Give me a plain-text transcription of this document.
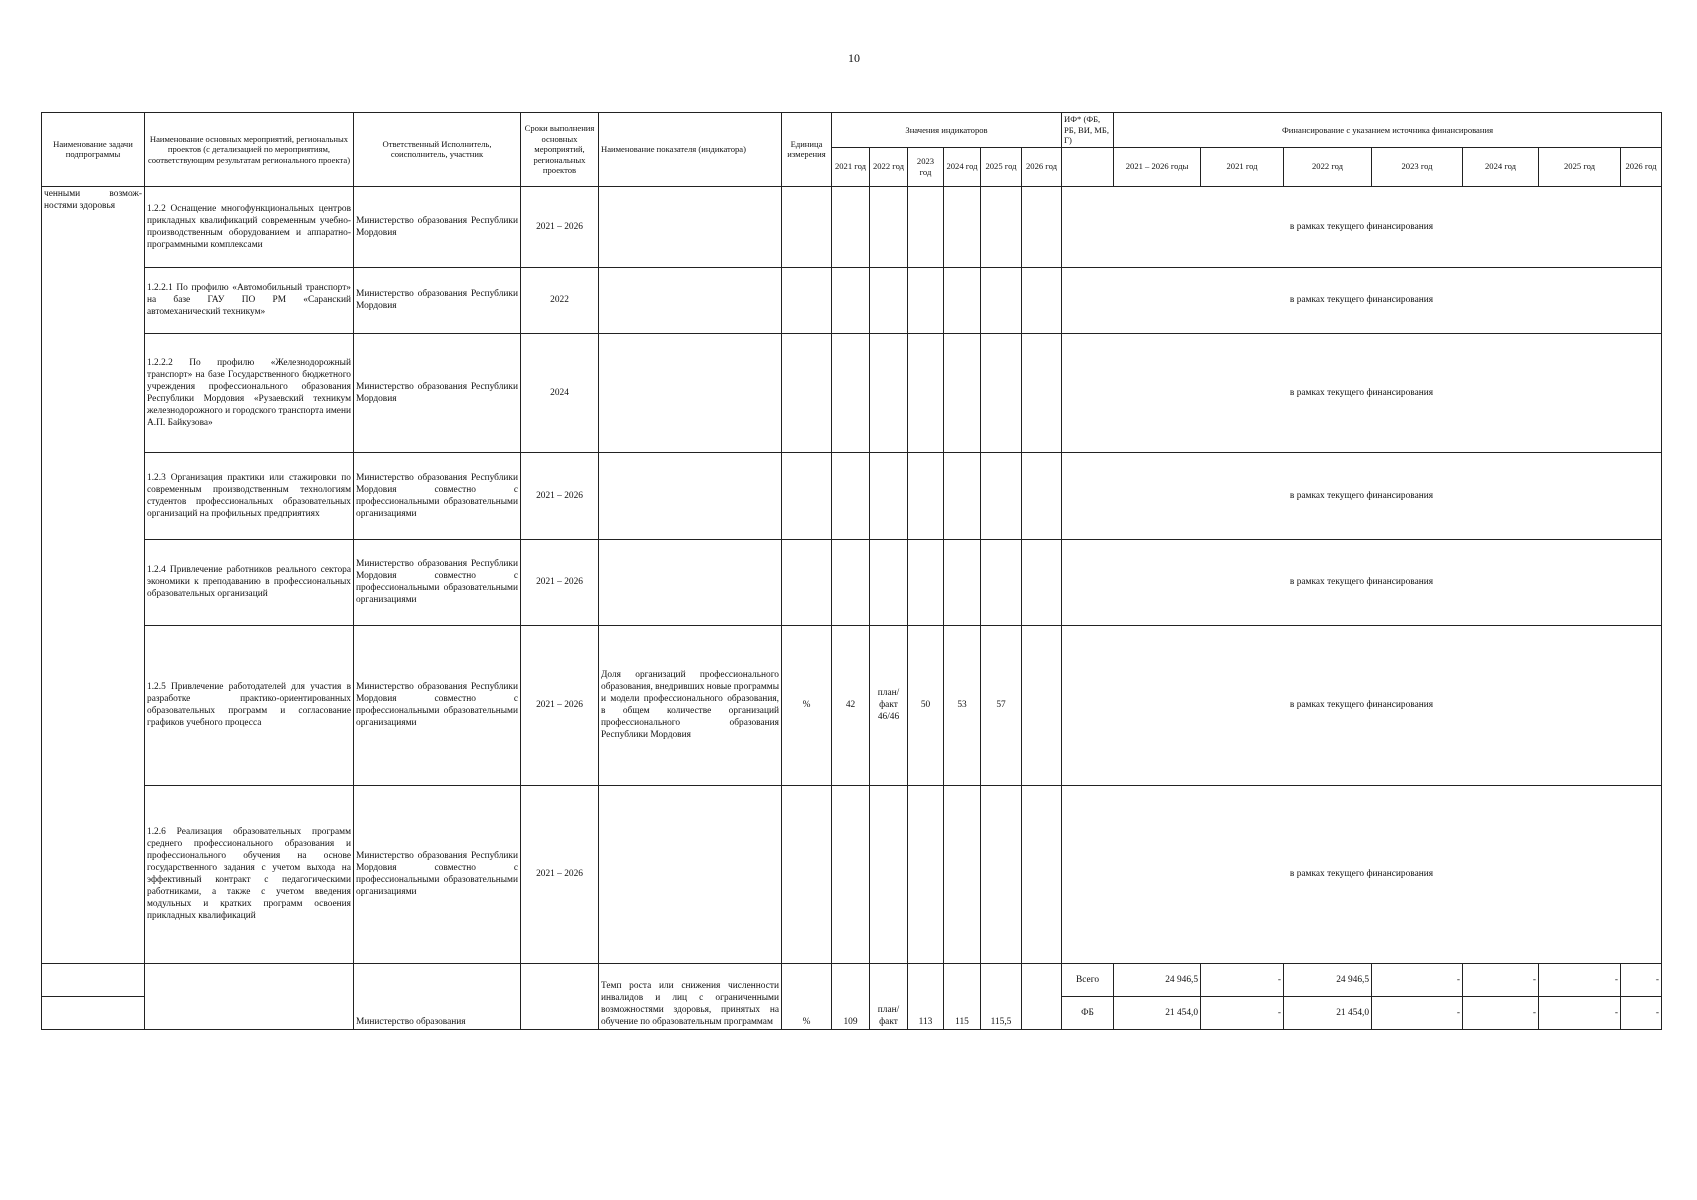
10
Наименование задачи подпрограммы	Наименование основных мероприятий, региональных проектов (с детализацией по мероприятиям, соответствующим результатам регионального проекта)	Ответственный Исполнитель, соисполнитель, участник	Сроки выполнения основных мероприятий, региональных проектов	Наименование показателя (индикатора)	Единица измерения	Значения индикаторов						ИФ* (ФБ, РБ, ВИ, МБ, Г)	Финансирование с указанием источника финансирования						
						2021 год	2022 год	2023 год	2024 год	2025 год	2026 год		2021 – 2026 годы	2021 год	2022 год	2023 год	2024 год	2025 год	2026 год
ченными возмож-ностями здоровья	1.2.2 Оснащение многофункциональных центров прикладных квалификаций современным учебно-производственным оборудованием и аппаратно-программными комплексами	Министерство образования Республики Мордовия	2021 – 2026									в рамках текущего финансирования							
	1.2.2.1 По профилю «Автомобильный транспорт» на базе ГАУ ПО РМ «Саранский автомеханический техникум»	Министерство образования Республики Мордовия	2022									в рамках текущего финансирования							
	1.2.2.2 По профилю «Железнодорожный транспорт» на базе Государственного бюджетного учреждения профессионального образования Республики Мордовия «Рузаевский техникум железнодорожного и городского транспорта имени А.П. Байкузова»	Министерство образования Республики Мордовия	2024									в рамках текущего финансирования							
	1.2.3 Организация практики или стажировки по современным производственным технологиям студентов профессиональных образовательных организаций на профильных предприятиях	Министерство образования Республики Мордовия совместно с профессиональными образовательными организациями	2021 – 2026									в рамках текущего финансирования							
	1.2.4 Привлечение работников реального сектора экономики к преподаванию в профессиональных образовательных организаций	Министерство образования Республики Мордовия совместно с профессиональными образовательными организациями	2021 – 2026									в рамках текущего финансирования							
	1.2.5 Привлечение работодателей для участия в разработке практико-ориентированных образовательных программ и согласование графиков учебного процесса	Министерство образования Республики Мордовия совместно с профессиональными образовательными организациями	2021 – 2026	Доля организаций профессионального образования, внедривших новые программы и модели профессионального образования, в общем количестве организаций профессионального образования Республики Мордовия	%	42	план/ факт 46/46	50	53	57		в рамках текущего финансирования							
	1.2.6 Реализация образовательных программ среднего профессионального образования и профессионального обучения на основе государственного задания с учетом выхода на эффективный контракт с педагогическими работниками, а также с учетом введения модульных и кратких программ освоения прикладных квалификаций	Министерство образования Республики Мордовия совместно с профессиональными образовательными организациями	2021 – 2026									в рамках текущего финансирования							
		Министерство образования		Темп роста или снижения численности инвалидов и лиц с ограниченными возможностями здоровья, принятых на обучение по образовательным программам	%	109	план/ факт	113	115	115,5		Всего	24 946,5	-	24 946,5	-	-	-	-
												ФБ	21 454,0	-	21 454,0	-	-	-	-
